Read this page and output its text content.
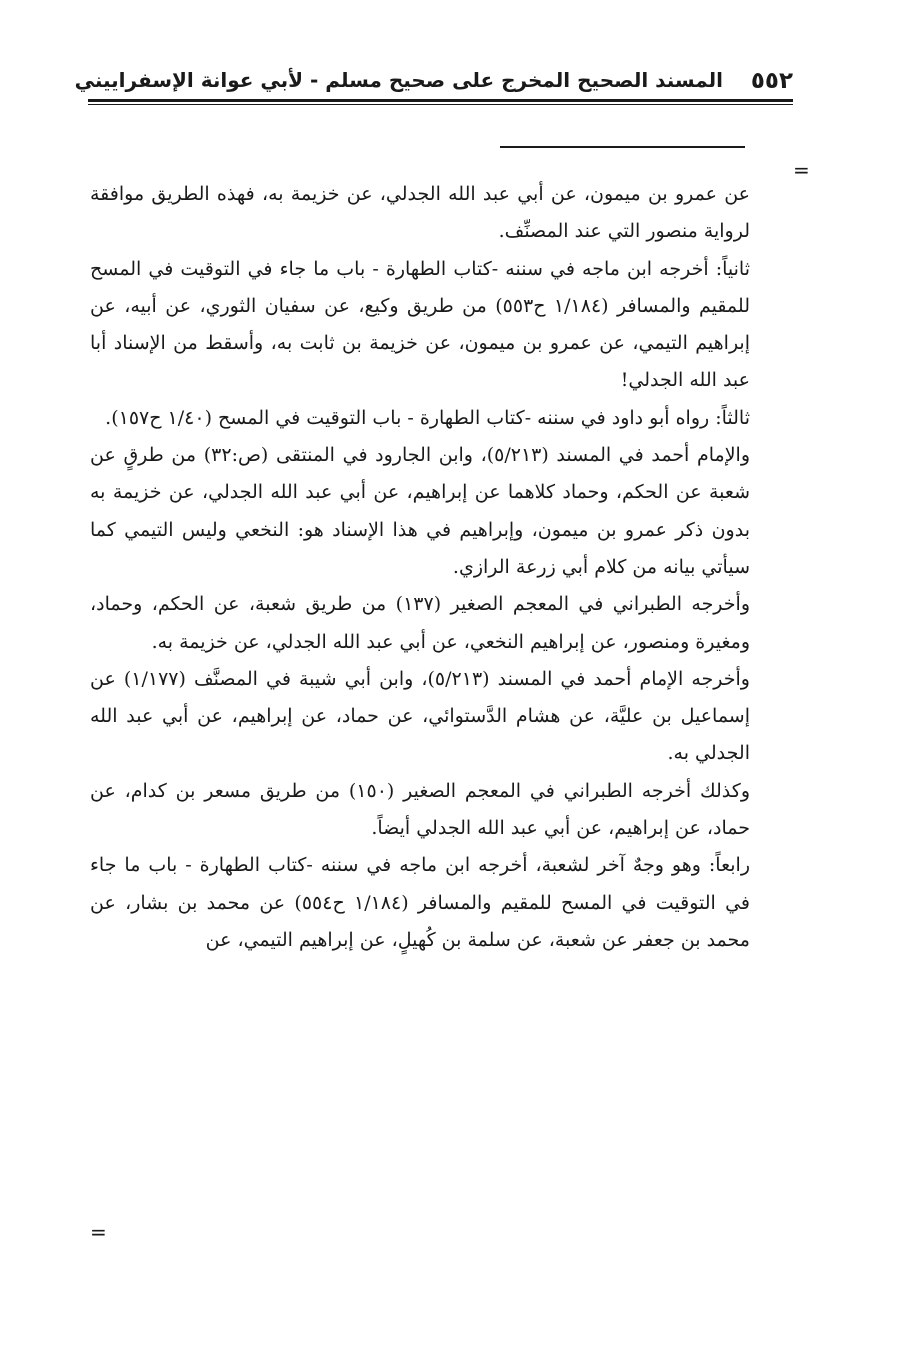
٥٥٢
المسند الصحيح المخرج على صحيح مسلم - لأبي عوانة الإسفراييني
=

عن عمرو بن ميمون، عن أبي عبد الله الجدلي، عن خزيمة به، فهذه الطريق موافقة لرواية منصور التي عند المصنِّف.

ثانياً: أخرجه ابن ماجه في سننه -كتاب الطهارة - باب ما جاء في التوقيت في المسح للمقيم والمسافر (١/١٨٤ ح٥٥٣) من طريق وكيع، عن سفيان الثوري، عن أبيه، عن إبراهيم التيمي، عن عمرو بن ميمون، عن خزيمة بن ثابت به، وأسقط من الإسناد أبا عبد الله الجدلي!

ثالثاً: رواه أبو داود في سننه -كتاب الطهارة - باب التوقيت في المسح (١/٤٠ ح١٥٧).

والإمام أحمد في المسند (٥/٢١٣)، وابن الجارود في المنتقى (ص:٣٢) من طرقٍ عن شعبة عن الحكم، وحماد كلاهما عن إبراهيم، عن أبي عبد الله الجدلي، عن خزيمة به بدون ذكر عمرو بن ميمون، وإبراهيم في هذا الإسناد هو: النخعي وليس التيمي كما سيأتي بيانه من كلام أبي زرعة الرازي.

وأخرجه الطبراني في المعجم الصغير (١٣٧) من طريق شعبة، عن الحكم، وحماد، ومغيرة ومنصور، عن إبراهيم النخعي، عن أبي عبد الله الجدلي، عن خزيمة به.

وأخرجه الإمام أحمد في المسند (٥/٢١٣)، وابن أبي شيبة في المصنَّف (١/١٧٧) عن إسماعيل بن عليَّة، عن هشام الدَّستوائي، عن حماد، عن إبراهيم، عن أبي عبد الله الجدلي به.

وكذلك أخرجه الطبراني في المعجم الصغير (١٥٠) من طريق مسعر بن كدام، عن حماد، عن إبراهيم، عن أبي عبد الله الجدلي أيضاً.

رابعاً: وهو وجهٌ آخر لشعبة، أخرجه ابن ماجه في سننه -كتاب الطهارة - باب ما جاء في التوقيت في المسح للمقيم والمسافر (١/١٨٤ ح٥٥٤) عن محمد بن بشار، عن محمد بن جعفر عن شعبة، عن سلمة بن كُهيلٍ، عن إبراهيم التيمي، عن

=
